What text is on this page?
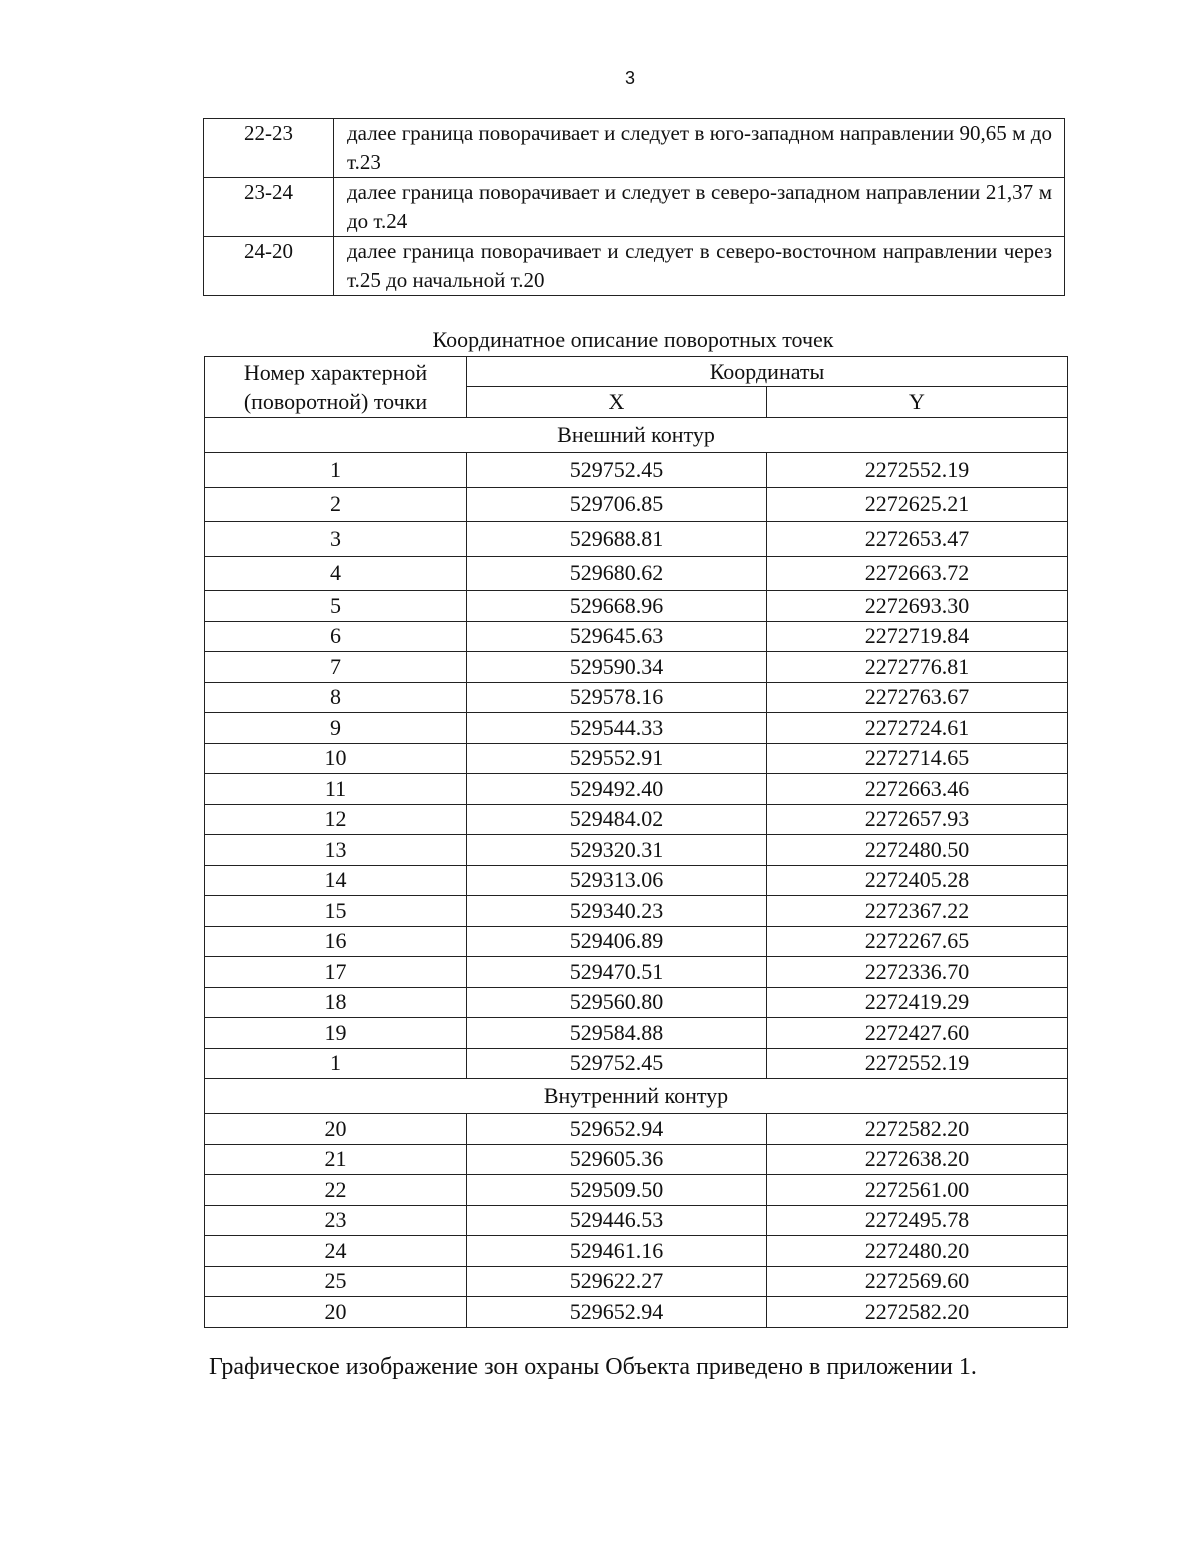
3
22-23	далее граница поворачивает и следует в юго-западном направлении 90,65 м до т.23
23-24	далее граница поворачивает и следует в северо-западном направлении 21,37 м до т.24
24-20	далее граница поворачивает и следует в северо-восточном направлении через т.25 до начальной т.20
Координатное описание поворотных точек
Номер характерной (поворотной) точки	Координаты	
	X	Y
Внешний контур		
1	529752.45	2272552.19
2	529706.85	2272625.21
3	529688.81	2272653.47
4	529680.62	2272663.72
5	529668.96	2272693.30
6	529645.63	2272719.84
7	529590.34	2272776.81
8	529578.16	2272763.67
9	529544.33	2272724.61
10	529552.91	2272714.65
11	529492.40	2272663.46
12	529484.02	2272657.93
13	529320.31	2272480.50
14	529313.06	2272405.28
15	529340.23	2272367.22
16	529406.89	2272267.65
17	529470.51	2272336.70
18	529560.80	2272419.29
19	529584.88	2272427.60
1	529752.45	2272552.19
Внутренний контур		
20	529652.94	2272582.20
21	529605.36	2272638.20
22	529509.50	2272561.00
23	529446.53	2272495.78
24	529461.16	2272480.20
25	529622.27	2272569.60
20	529652.94	2272582.20
Графическое изображение зон охраны Объекта приведено в приложении 1.
